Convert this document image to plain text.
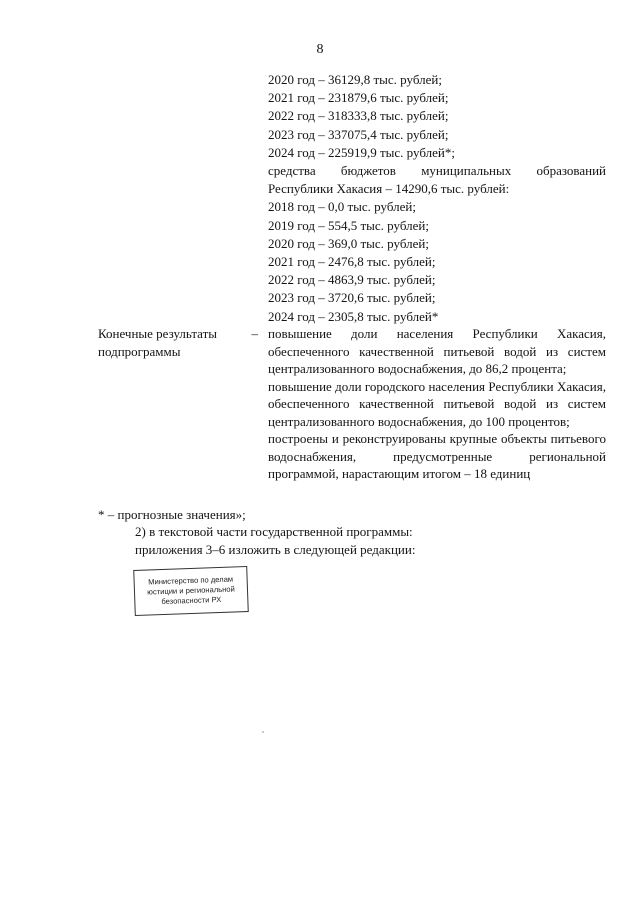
8
2020 год – 36129,8 тыс. рублей;
2021 год – 231879,6 тыс. рублей;
2022 год – 318333,8 тыс. рублей;
2023 год – 337075,4 тыс. рублей;
2024 год – 225919,9 тыс. рублей*;
средства бюджетов муниципальных образований
Республики Хакасия – 14290,6 тыс. рублей:
2018 год – 0,0 тыс. рублей;
2019 год – 554,5 тыс. рублей;
2020 год – 369,0 тыс. рублей;
2021 год – 2476,8 тыс. рублей;
2022 год – 4863,9 тыс. рублей;
2023 год – 3720,6 тыс. рублей;
2024 год – 2305,8 тыс. рублей*
Конечные результаты	–
подпрограммы

повышение доли населения Республики Хакасия, обеспеченного качественной питьевой водой из систем централизованного водоснабжения, до 86,2 процента;

повышение доли городского населения Республики Хакасия, обеспеченного качественной питьевой водой из систем централизованного водоснабжения, до 100 процентов;

построены и реконструированы крупные объекты питьевого водоснабжения, предусмотренные региональной программой, нарастающим итогом – 18 единиц

* – прогнозные значения»;
2) в текстовой части государственной программы:
приложения 3–6 изложить в следующей редакции:
Министерство по делам
юстиции и региональной
безопасности РХ
